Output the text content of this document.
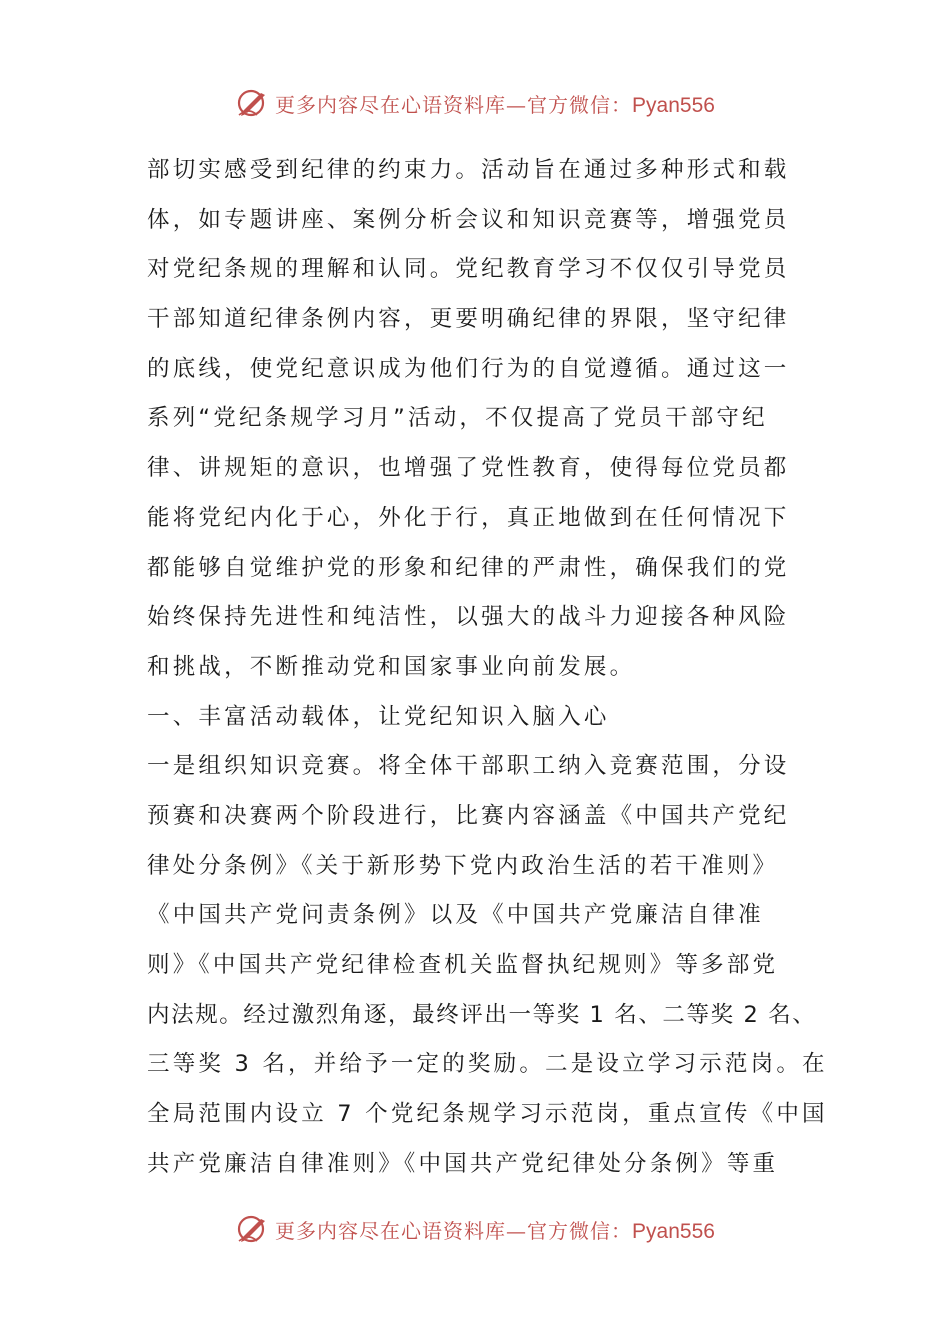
更多内容尽在心语资料库—官方微信：Pyan556
部切实感受到纪律的约束力。活动旨在通过多种形式和载
体，如专题讲座、案例分析会议和知识竞赛等，增强党员
对党纪条规的理解和认同。党纪教育学习不仅仅引导党员
干部知道纪律条例内容，更要明确纪律的界限，坚守纪律
的底线，使党纪意识成为他们行为的自觉遵循。通过这一
系列“党纪条规学习月”活动，不仅提高了党员干部守纪
律、讲规矩的意识，也增强了党性教育，使得每位党员都
能将党纪内化于心，外化于行，真正地做到在任何情况下
都能够自觉维护党的形象和纪律的严肃性，确保我们的党
始终保持先进性和纯洁性，以强大的战斗力迎接各种风险
和挑战，不断推动党和国家事业向前发展。
一、丰富活动载体，让党纪知识入脑入心
一是组织知识竞赛。将全体干部职工纳入竞赛范围，分设
预赛和决赛两个阶段进行，比赛内容涵盖《中国共产党纪
律处分条例》《关于新形势下党内政治生活的若干准则》
《中国共产党问责条例》以及《中国共产党廉洁自律准
则》《中国共产党纪律检查机关监督执纪规则》等多部党
内法规。经过激烈角逐，最终评出一等奖 1 名、二等奖 2 名、
三等奖 3 名，并给予一定的奖励。二是设立学习示范岗。在
全局范围内设立 7 个党纪条规学习示范岗，重点宣传《中国
共产党廉洁自律准则》《中国共产党纪律处分条例》等重
更多内容尽在心语资料库—官方微信：Pyan556
